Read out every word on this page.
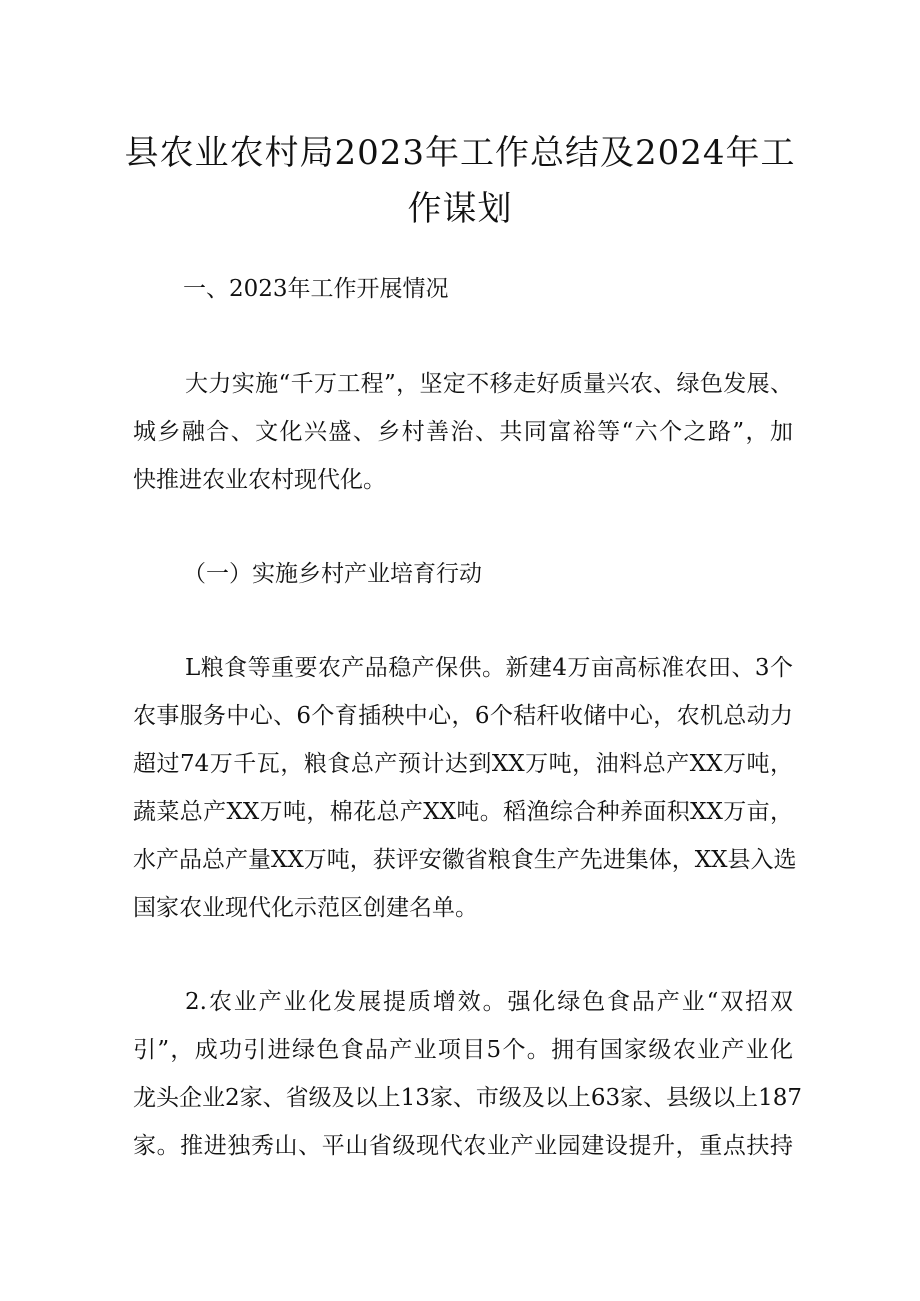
县农业农村局2023年工作总结及2024年工
作谋划

一、2023年工作开展情况

大力实施“千万工程”，坚定不移走好质量兴农、绿色发展、
城乡融合、文化兴盛、乡村善治、共同富裕等“六个之路”，加
快推进农业农村现代化。

（一）实施乡村产业培育行动

L粮食等重要农产品稳产保供。新建4万亩高标准农田、3个
农事服务中心、6个育插秧中心，6个秸秆收储中心，农机总动力
超过74万千瓦，粮食总产预计达到XX万吨，油料总产XX万吨，
蔬菜总产XX万吨，棉花总产XX吨。稻渔综合种养面积XX万亩，
水产品总产量XX万吨，获评安徽省粮食生产先进集体，XX县入选
国家农业现代化示范区创建名单。
2.农业产业化发展提质增效。强化绿色食品产业“双招双
引”，成功引进绿色食品产业项目5个。拥有国家级农业产业化
龙头企业2家、省级及以上13家、市级及以上63家、县级以上187
家。推进独秀山、平山省级现代农业产业园建设提升，重点扶持
